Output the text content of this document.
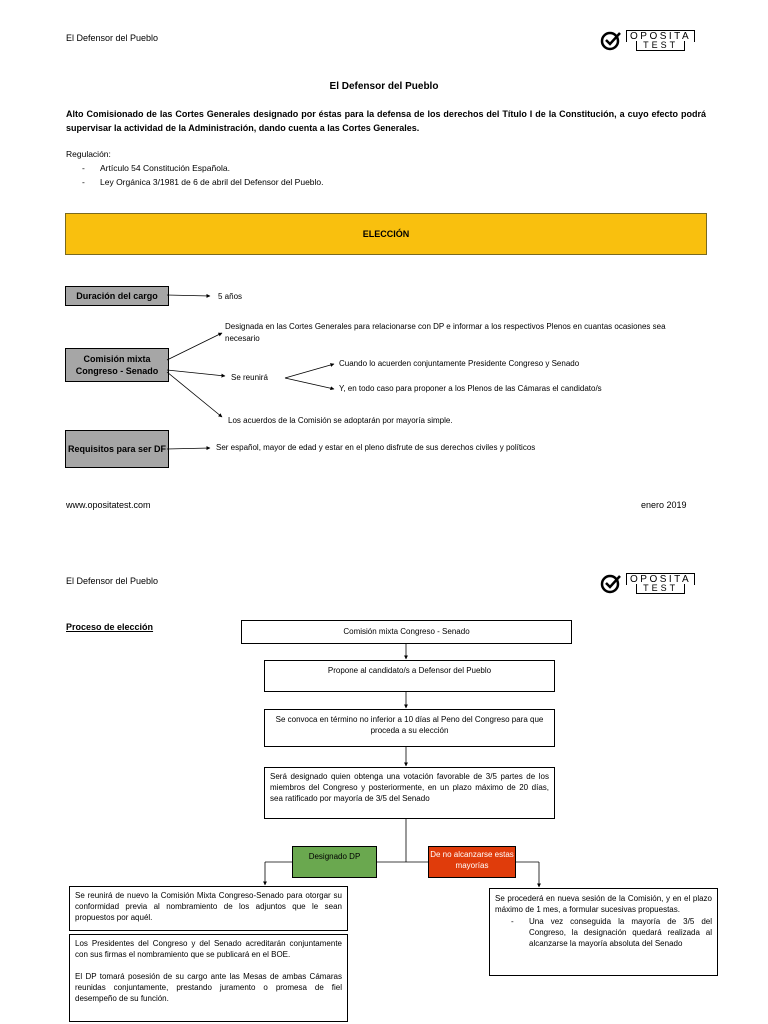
El Defensor del Pueblo	OPOSITA
TEST
El Defensor del Pueblo
Alto Comisionado de las Cortes Generales designado por éstas para la defensa de los derechos del Título I de la Constitución, a cuyo efecto podrá supervisar la actividad de la Administración, dando cuenta a las Cortes Generales.
Regulación:
- Artículo 54 Constitución Española.
- Ley Orgánica 3/1981 de 6 de abril del Defensor del Pueblo.
ELECCIÓN
Duración del cargo	5 años
Comisión mixta Congreso - Senado
Designada en las Cortes Generales para relacionarse con DP e informar a los respectivos Plenos en cuantas ocasiones sea necesario
Se reunirá
Cuando lo acuerden conjuntamente Presidente Congreso y Senado
Y, en todo caso para proponer a los Plenos de las Cámaras el candidato/s
Los acuerdos de la Comisión se adoptarán por mayoría simple.
Requisitos para ser DF	Ser español, mayor de edad y estar en el pleno disfrute de sus derechos civiles y políticos
www.opositatest.com	enero 2019
El Defensor del Pueblo	OPOSITA
TEST
Proceso de elección	Comisión mixta Congreso - Senado
Propone al candidato/s a Defensor del Pueblo
Se convoca en término no inferior a 10 días al Peno del Congreso para que proceda a su elección
Será designado quien obtenga una votación favorable de 3/5 partes de los miembros del Congreso y posteriormente, en un plazo máximo de 20 días, sea ratificado por mayoría de 3/5 del Senado
Designado DP	De no alcanzarse estas mayorías
Se reunirá de nuevo la Comisión Mixta Congreso-Senado para otorgar su conformidad previa al nombramiento de los adjuntos que le sean propuestos por aquél.
Los Presidentes del Congreso y del Senado acreditarán conjuntamente con sus firmas el nombramiento que se publicará en el BOE.
El DP tomará posesión de su cargo ante las Mesas de ambas Cámaras reunidas conjuntamente, prestando juramento o promesa de fiel desempeño de su función.
Se procederá en nueva sesión de la Comisión, y en el plazo máximo de 1 mes, a formular sucesivas propuestas.
- Una vez conseguida la mayoría de 3/5 del Congreso, la designación quedará realizada al alcanzarse la mayoría absoluta del Senado
